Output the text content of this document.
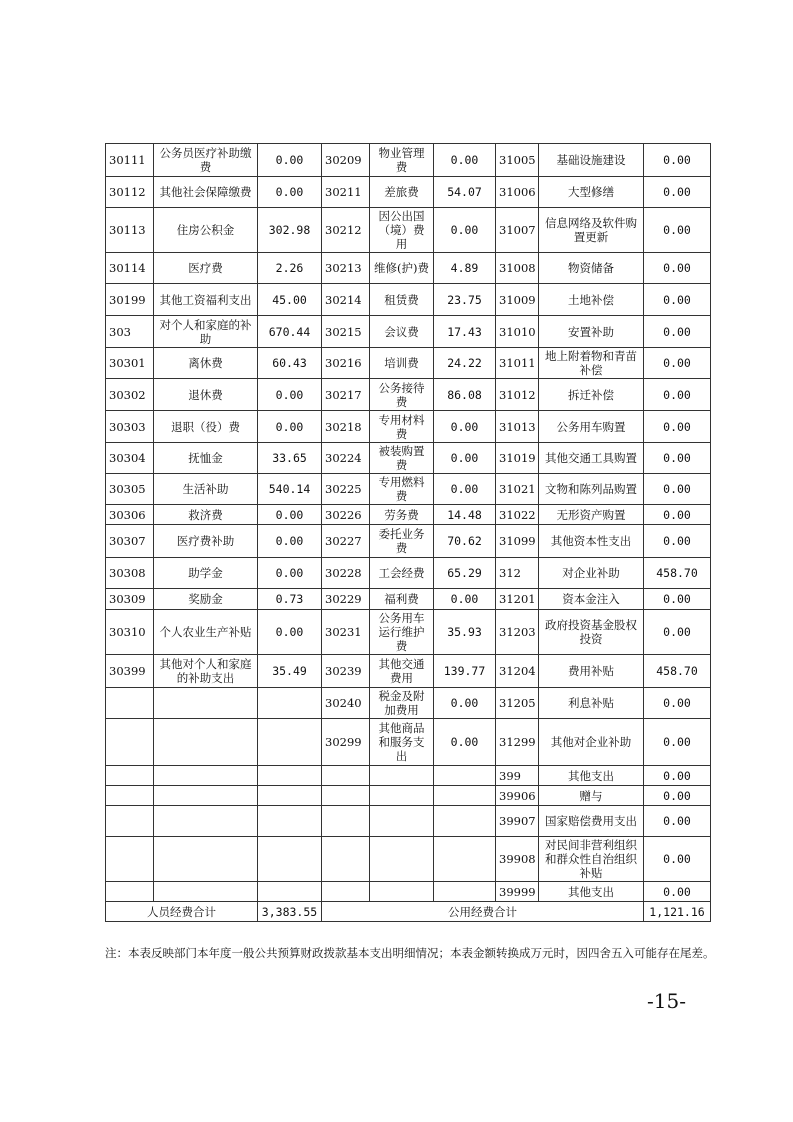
30111	公务员医疗补助缴费	0.00	30209	物业管理费	0.00	31005	基础设施建设	0.00
30112	其他社会保障缴费	0.00	30211	差旅费	54.07	31006	大型修缮	0.00
30113	住房公积金	302.98	30212	因公出国（境）费用	0.00	31007	信息网络及软件购置更新	0.00
30114	医疗费	2.26	30213	维修(护)费	4.89	31008	物资储备	0.00
30199	其他工资福利支出	45.00	30214	租赁费	23.75	31009	土地补偿	0.00
303	对个人和家庭的补助	670.44	30215	会议费	17.43	31010	安置补助	0.00
30301	离休费	60.43	30216	培训费	24.22	31011	地上附着物和青苗补偿	0.00
30302	退休费	0.00	30217	公务接待费	86.08	31012	拆迁补偿	0.00
30303	退职（役）费	0.00	30218	专用材料费	0.00	31013	公务用车购置	0.00
30304	抚恤金	33.65	30224	被装购置费	0.00	31019	其他交通工具购置	0.00
30305	生活补助	540.14	30225	专用燃料费	0.00	31021	文物和陈列品购置	0.00
30306	救济费	0.00	30226	劳务费	14.48	31022	无形资产购置	0.00
30307	医疗费补助	0.00	30227	委托业务费	70.62	31099	其他资本性支出	0.00
30308	助学金	0.00	30228	工会经费	65.29	312	对企业补助	458.70
30309	奖励金	0.73	30229	福利费	0.00	31201	资本金注入	0.00
30310	个人农业生产补贴	0.00	30231	公务用车运行维护费	35.93	31203	政府投资基金股权投资	0.00
30399	其他对个人和家庭的补助支出	35.49	30239	其他交通费用	139.77	31204	费用补贴	458.70
			30240	税金及附加费用	0.00	31205	利息补贴	0.00
			30299	其他商品和服务支出	0.00	31299	其他对企业补助	0.00
						399	其他支出	0.00
						39906	赠与	0.00
						39907	国家赔偿费用支出	0.00
						39908	对民间非营利组织和群众性自治组织补贴	0.00
						39999	其他支出	0.00
人员经费合计		3,383.55	公用经费合计					1,121.16
注：本表反映部门本年度一般公共预算财政拨款基本支出明细情况；本表金额转换成万元时，因四舍五入可能存在尾差。
-15-
